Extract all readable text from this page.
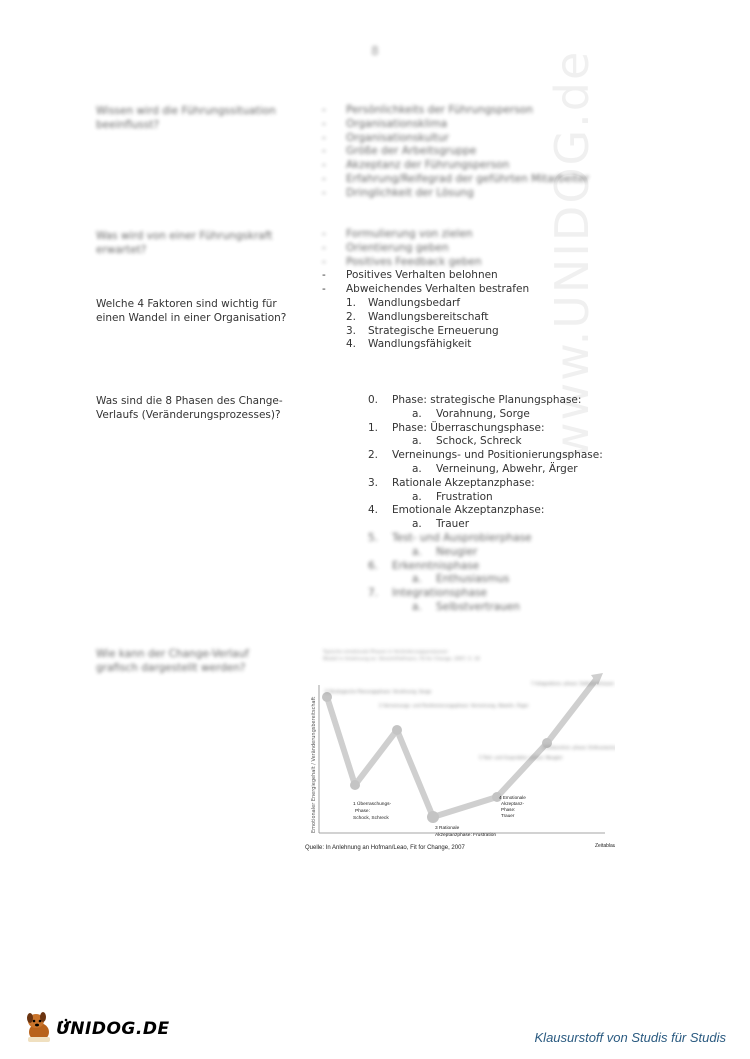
8	www.UNIDOG.de
Wissen wird die Führungssituation beeinflusst?
- Persönlichkeits der Führungsperson
- Organisationsklima
- Organisationskultur
- Größe der Arbeitsgruppe
- Akzeptanz der Führungsperson
- Erfahrung/Reifegrad der geführten Mitarbeiter
- Dringlichkeit der Lösung
Was wird von einer Führungskraft erwartet?
- Formulierung von zielen
- Orientierung geben
- Positives Feedback geben
- Positives Verhalten belohnen
- Abweichendes Verhalten bestrafen
Welche 4 Faktoren sind wichtig für einen Wandel in einer Organisation?
1. Wandlungsbedarf
2. Wandlungsbereitschaft
3. Strategische Erneuerung
4. Wandlungsfähigkeit
Was sind die 8 Phasen des Change-Verlaufs (Veränderungsprozesses)?
0. Phase: strategische Planungsphase:
a. Vorahnung, Sorge
1. Phase: Überraschungsphase:
a. Schock, Schreck
2. Verneinungs- und Positionierungsphase:
a. Verneinung, Abwehr, Ärger
3. Rationale Akzeptanzphase:
a. Frustration
4. Emotionale Akzeptanzphase:
a. Trauer
5. Test- und Ausprobierphase
a. Neugier
6. Erkenntnisphase
a. Enthusiasmus
7. Integrationsphase
a. Selbstvertrauen
Wie kann der Change-Verlauf grafisch dargestellt werden?
Typische emotionale Phasen in Veränderungsprozessen
Modell in Anlehnung an: Streich/Hofmann, Fit for Change, 2007, S. 18
Emotionaler Energiegehalt / Veränderungsbereitschaft
0 Strategische Planungsphase: Vorahnung, Sorge
2 Verneinungs- und Positionierungsphase: Verneinung, Abwehr, Ärger
5 Test- und Ausprobier- phase: Neugier
6 Erkenntnis- phase: Enthusiasmus
7 Integrations- phase: Selbstvertrauen
1 Überraschungs-
Phase:
Schock, Schreck
3 Rationale
Akzeptanzphase: Frustration
4 Emotionale
Akzeptanz-
Phase:
Trauer
Quelle: In Anlehnung an Hofman/Leao, Fit for Change, 2007	Zeitablauf
UNIDOG.DE	Klausurstoff von Studis für Studis
